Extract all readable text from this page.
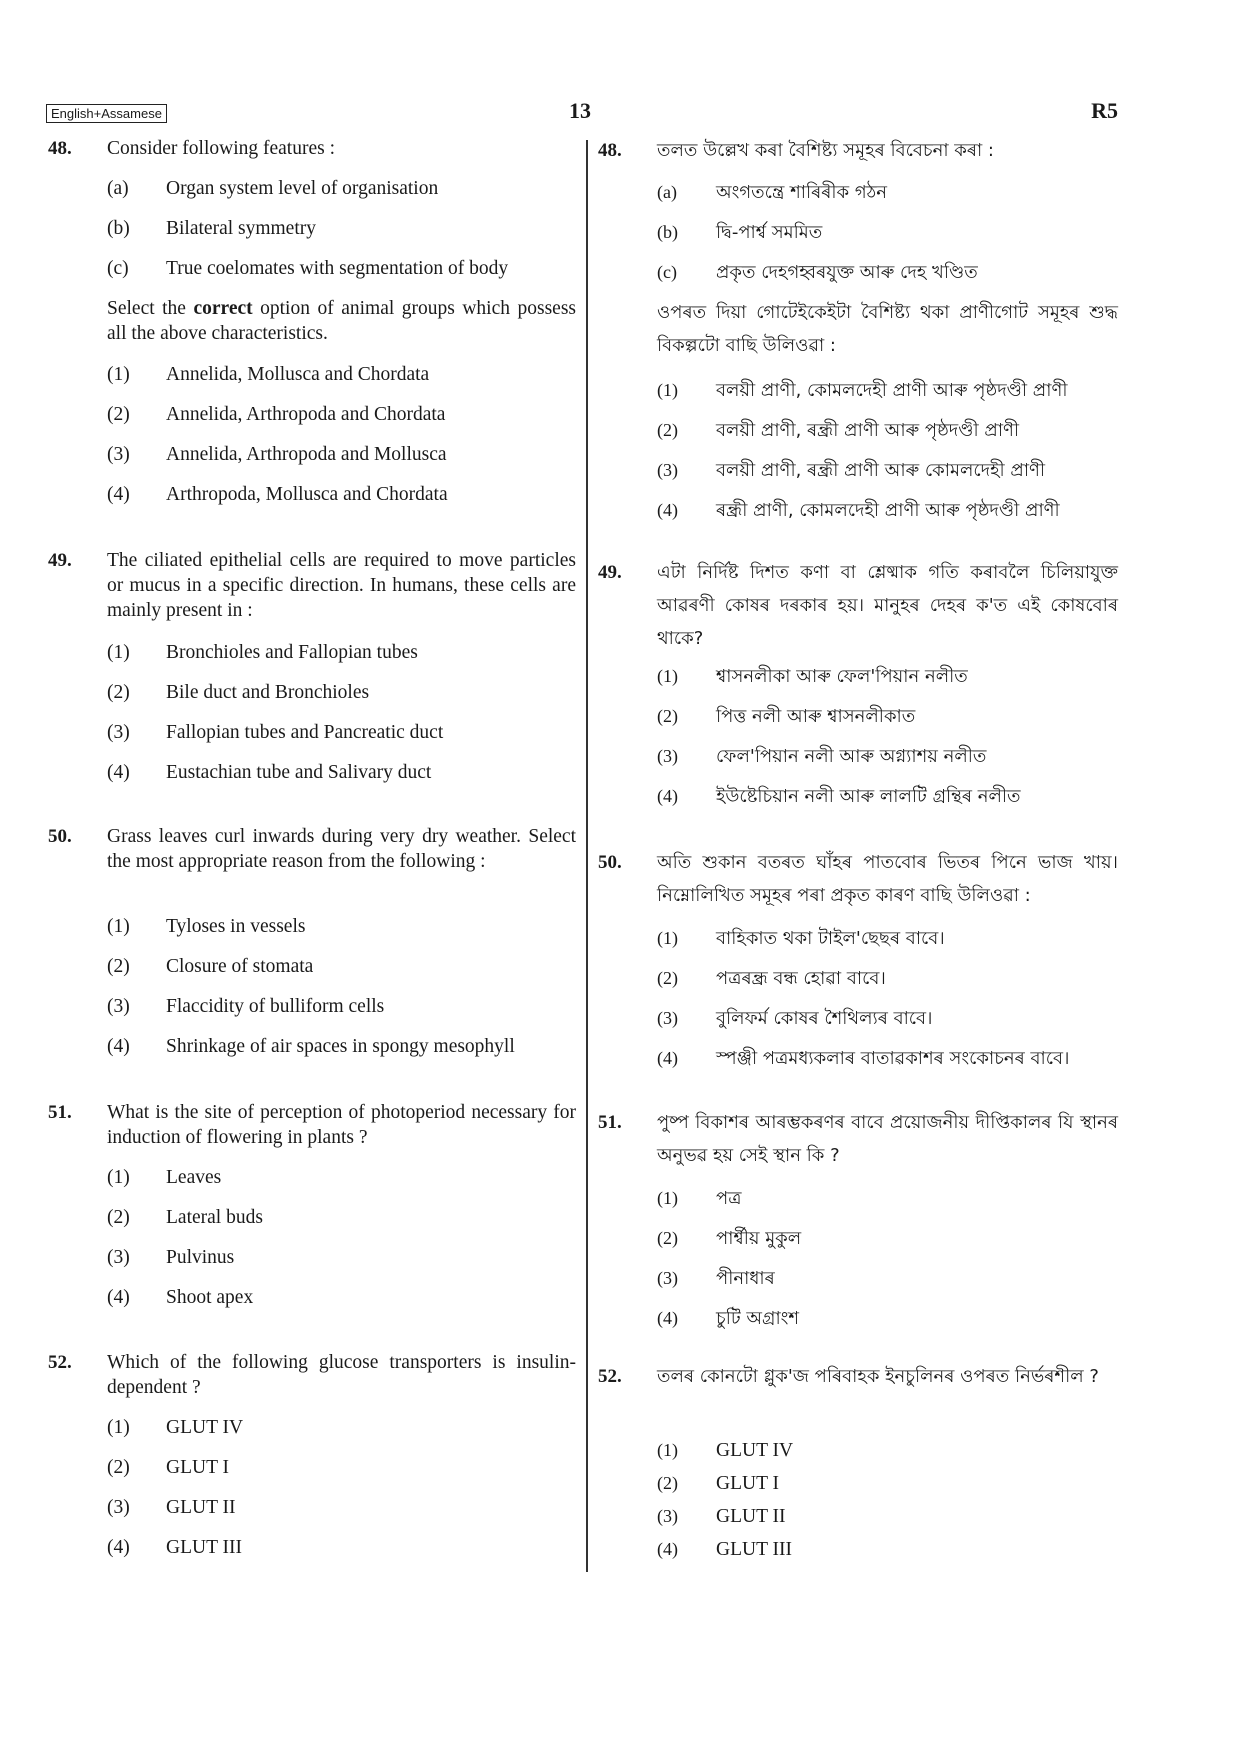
English+Assamese	13	R5
48. Consider following features :
(a) Organ system level of organisation
(b) Bilateral symmetry
(c) True coelomates with segmentation of body
Select the correct option of animal groups which possess all the above characteristics.
(1) Annelida, Mollusca and Chordata
(2) Annelida, Arthropoda and Chordata
(3) Annelida, Arthropoda and Mollusca
(4) Arthropoda, Mollusca and Chordata
49. The ciliated epithelial cells are required to move particles or mucus in a specific direction. In humans, these cells are mainly present in :
(1) Bronchioles and Fallopian tubes
(2) Bile duct and Bronchioles
(3) Fallopian tubes and Pancreatic duct
(4) Eustachian tube and Salivary duct
50. Grass leaves curl inwards during very dry weather. Select the most appropriate reason from the following :
(1) Tyloses in vessels
(2) Closure of stomata
(3) Flaccidity of bulliform cells
(4) Shrinkage of air spaces in spongy mesophyll
51. What is the site of perception of photoperiod necessary for induction of flowering in plants ?
(1) Leaves
(2) Lateral buds
(3) Pulvinus
(4) Shoot apex
52. Which of the following glucose transporters is insulin-dependent ?
(1) GLUT IV
(2) GLUT I
(3) GLUT II
(4) GLUT III
48. তলত উল্লেখ কৰা বৈশিষ্ট্য সমূহৰ বিবেচনা কৰা :
(a) অংগতন্ত্ৰে শাৰিৰীক গঠন
(b) দ্বি-পাৰ্শ্ব সমমিত
(c) প্ৰকৃত দেহগহ্বৰযুক্ত আৰু দেহ খণ্ডিত
ওপৰত দিয়া গোটেইকেইটা বৈশিষ্ট্য থকা প্ৰাণীগোট সমূহৰ শুদ্ধ বিকল্পটো বাছি উলিওৱা :
(1) বলয়ী প্ৰাণী, কোমলদেহী প্ৰাণী আৰু পৃষ্ঠদণ্ডী প্ৰাণী
(2) বলয়ী প্ৰাণী, ৰন্ধ্ৰী প্ৰাণী আৰু পৃষ্ঠদণ্ডী প্ৰাণী
(3) বলয়ী প্ৰাণী, ৰন্ধ্ৰী প্ৰাণী আৰু কোমলদেহী প্ৰাণী
(4) ৰন্ধ্ৰী প্ৰাণী, কোমলদেহী প্ৰাণী আৰু পৃষ্ঠদণ্ডী প্ৰাণী
49. এটা নিৰ্দিষ্ট দিশত কণা বা শ্লেষ্মাক গতি কৰাবলৈ চিলিয়াযুক্ত আৱৰণী কোষৰ দৰকাৰ হয়। মানুহৰ দেহৰ ক'ত এই কোষবোৰ থাকে?
(1) শ্বাসনলীকা আৰু ফেল'পিয়ান নলীত
(2) পিত্ত নলী আৰু শ্বাসনলীকাত
(3) ফেল'পিয়ান নলী আৰু অগ্ন্যাশয় নলীত
(4) ইউষ্টেচিয়ান নলী আৰু লালটি গ্ৰন্থিৰ নলীত
50. অতি শুকান বতৰত ঘাঁহৰ পাতবোৰ ভিতৰ পিনে ভাজ খায়। নিম্নোলিখিত সমূহৰ পৰা প্ৰকৃত কাৰণ বাছি উলিওৱা :
(1) বাহিকাত থকা টাইল'ছেছৰ বাবে।
(2) পত্ৰৰন্ধ্ৰ বন্ধ হোৱা বাবে।
(3) বুলিফৰ্ম কোষৰ শৈথিল্যৰ বাবে।
(4) স্পঞ্জী পত্ৰমধ্যকলাৰ বাতাৱকাশৰ সংকোচনৰ বাবে।
51. পুষ্প বিকাশৰ আৰম্ভকৰণৰ বাবে প্ৰয়োজনীয় দীপ্তিকালৰ যি স্থানৰ অনুভৱ হয় সেই স্থান কি ?
(1) পত্ৰ
(2) পাৰ্শ্বীয় মুকুল
(3) পীনাধাৰ
(4) চুটি অগ্ৰাংশ
52. তলৰ কোনটো গ্লুক'জ পৰিবাহক ইনচুলিনৰ ওপৰত নিৰ্ভৰশীল ?
(1) GLUT IV
(2) GLUT I
(3) GLUT II
(4) GLUT III
